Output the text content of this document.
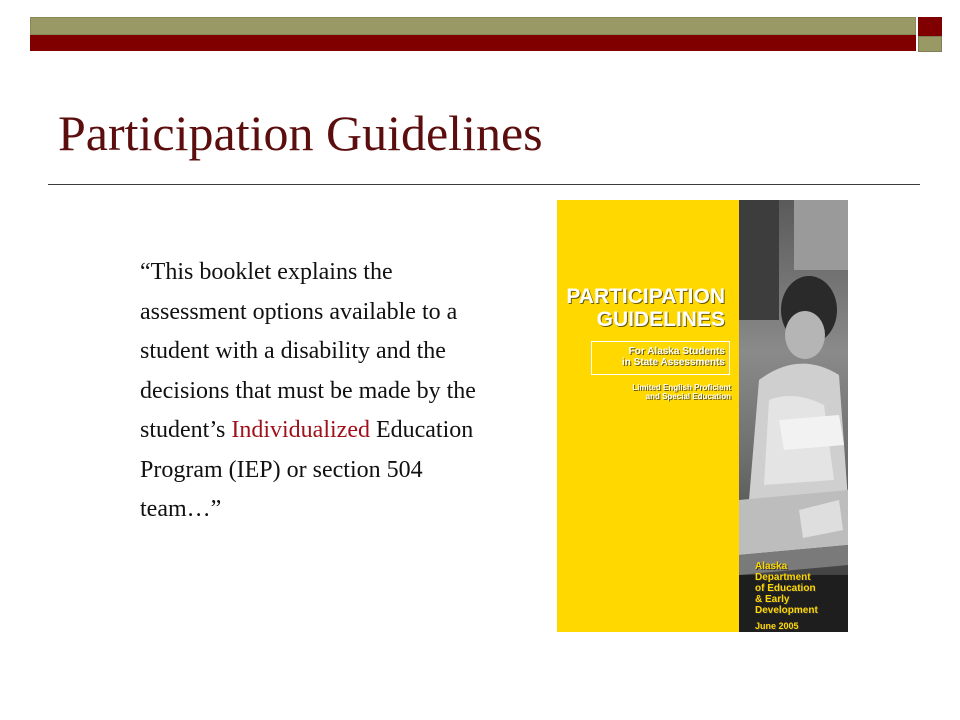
Participation Guidelines

“This booklet explains the assessment options available to a student with a disability and the decisions that must be made by the student’s Individualized Education Program (IEP) or section 504 team…”

PARTICIPATION
GUIDELINES

For Alaska Students
in State Assessments

Limited English Proficient
and Special Education

Alaska
Department
of Education
& Early
Development

June 2005
